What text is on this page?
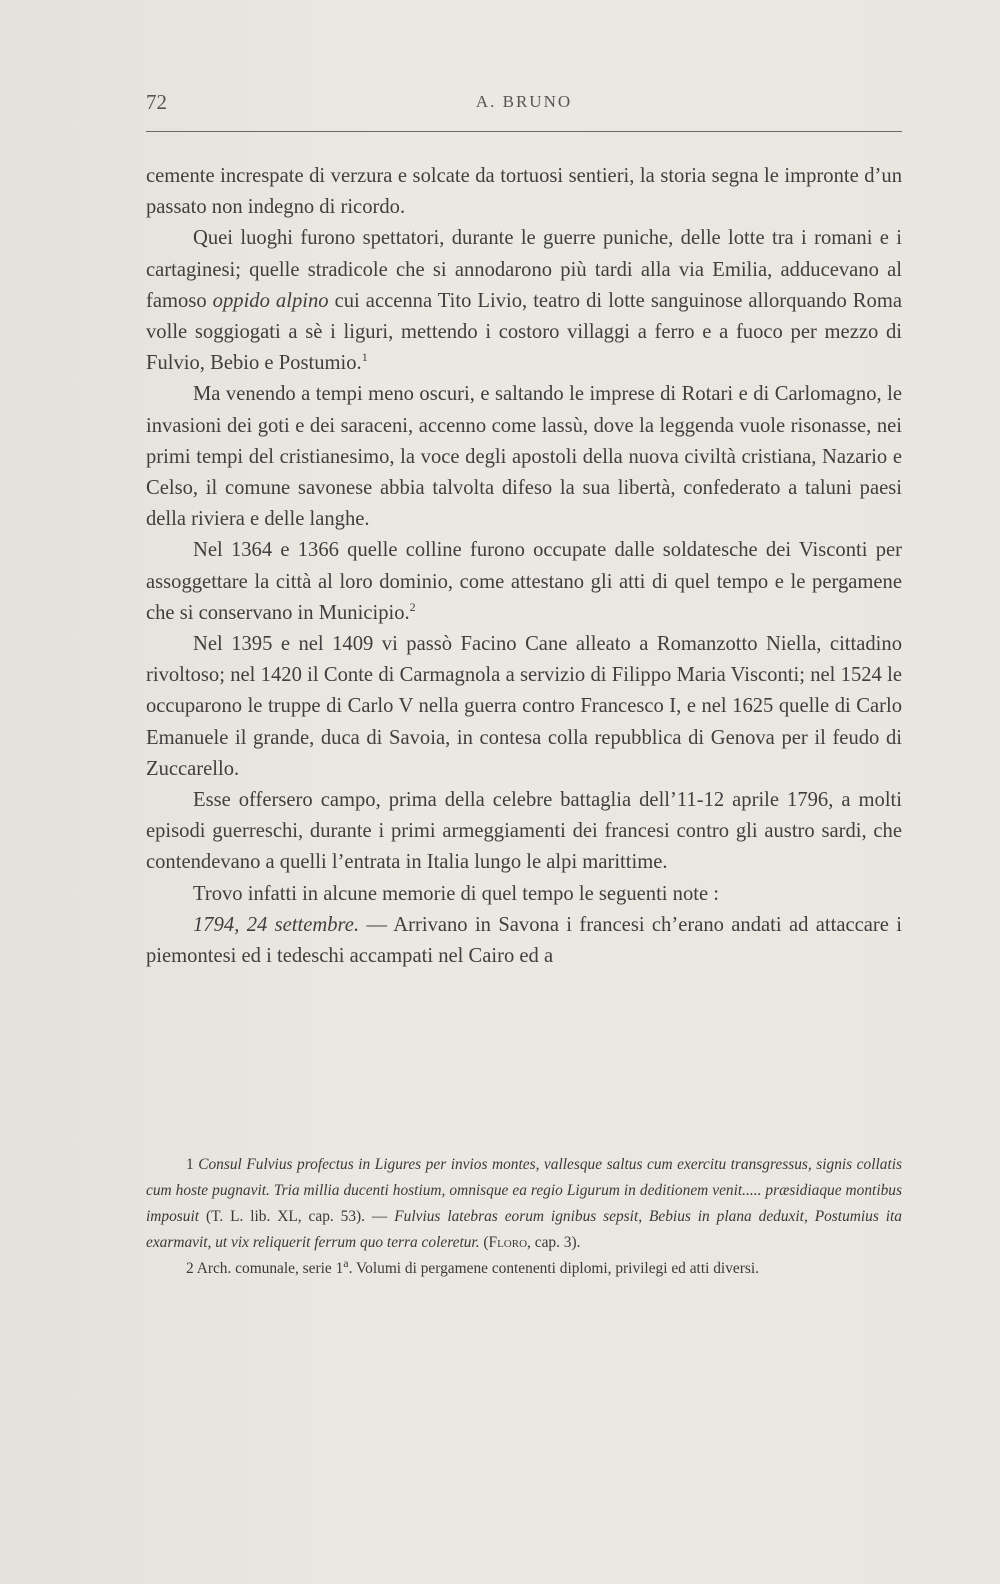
72	A. BRUNO

cemente increspate di verzura e solcate da tortuosi sentieri, la storia segna le impronte d’un passato non indegno di ricordo.

Quei luoghi furono spettatori, durante le guerre puniche, delle lotte tra i romani e i cartaginesi; quelle stradicole che si annodarono più tardi alla via Emilia, adducevano al famoso oppido alpino cui accenna Tito Livio, teatro di lotte sanguinose allorquando Roma volle soggiogati a sè i liguri, mettendo i costoro villaggi a ferro e a fuoco per mezzo di Fulvio, Bebio e Postumio.$^1$

Ma venendo a tempi meno oscuri, e saltando le imprese di Rotari e di Carlomagno, le invasioni dei goti e dei saraceni, accenno come lassù, dove la leggenda vuole risonasse, nei primi tempi del cristianesimo, la voce degli apostoli della nuova civiltà cristiana, Nazario e Celso, il comune savonese abbia talvolta difeso la sua libertà, confederato a taluni paesi della riviera e delle langhe.

Nel 1364 e 1366 quelle colline furono occupate dalle soldatesche dei Visconti per assoggettare la città al loro dominio, come attestano gli atti di quel tempo e le pergamene che si conservano in Municipio.$^2$

Nel 1395 e nel 1409 vi passò Facino Cane alleato a Romanzotto Niella, cittadino rivoltoso; nel 1420 il Conte di Carmagnola a servizio di Filippo Maria Visconti; nel 1524 le occuparono le truppe di Carlo V nella guerra contro Francesco I, e nel 1625 quelle di Carlo Emanuele il grande, duca di Savoia, in contesa colla repubblica di Genova per il feudo di Zuccarello.

Esse offersero campo, prima della celebre battaglia dell’11-12 aprile 1796, a molti episodi guerreschi, durante i primi armeggiamenti dei francesi contro gli austro sardi, che contendevano a quelli l’entrata in Italia lungo le alpi marittime.

Trovo infatti in alcune memorie di quel tempo le seguenti note :

1794, 24 settembre. — Arrivano in Savona i francesi ch’erano andati ad attaccare i piemontesi ed i tedeschi accampati nel Cairo ed a

1 Consul Fulvius profectus in Ligures per invios montes, vallesque saltus cum exercitu transgressus, signis collatis cum hoste pugnavit. Tria millia ducenti hostium, omnisque ea regio Ligurum in deditionem venit..... præsidiaque montibus imposuit (T. L. lib. XL, cap. 53). — Fulvius latebras eorum ignibus sepsit, Bebius in plana deduxit, Postumius ita exarmavit, ut vix reliquerit ferrum quo terra coleretur. (Floro, cap. 3).

2 Arch. comunale, serie 1$^a$. Volumi di pergamene contenenti diplomi, privilegi ed atti diversi.
